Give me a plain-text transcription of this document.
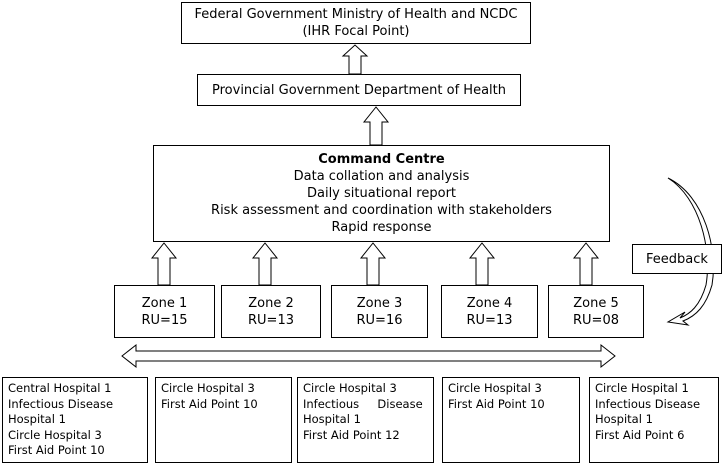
Federal Government Ministry of Health and NCDC
(IHR Focal Point)
Provincial Government Department of Health
Command Centre
Data collation and analysis
Daily situational report
Risk assessment and coordination with stakeholders
Rapid response
Zone 1
RU=15
Zone 2
RU=13
Zone 3
RU=16
Zone 4
RU=13
Zone 5
RU=08
Feedback
Central Hospital 1
Infectious Disease
Hospital 1
Circle Hospital 3
First Aid Point 10
Circle Hospital 3
First Aid Point 10
Circle Hospital 3
Infectious     Disease
Hospital 1
First Aid Point 12
Circle Hospital 3
First Aid Point 10
Circle Hospital 1
Infectious Disease
Hospital 1
First Aid Point 6
